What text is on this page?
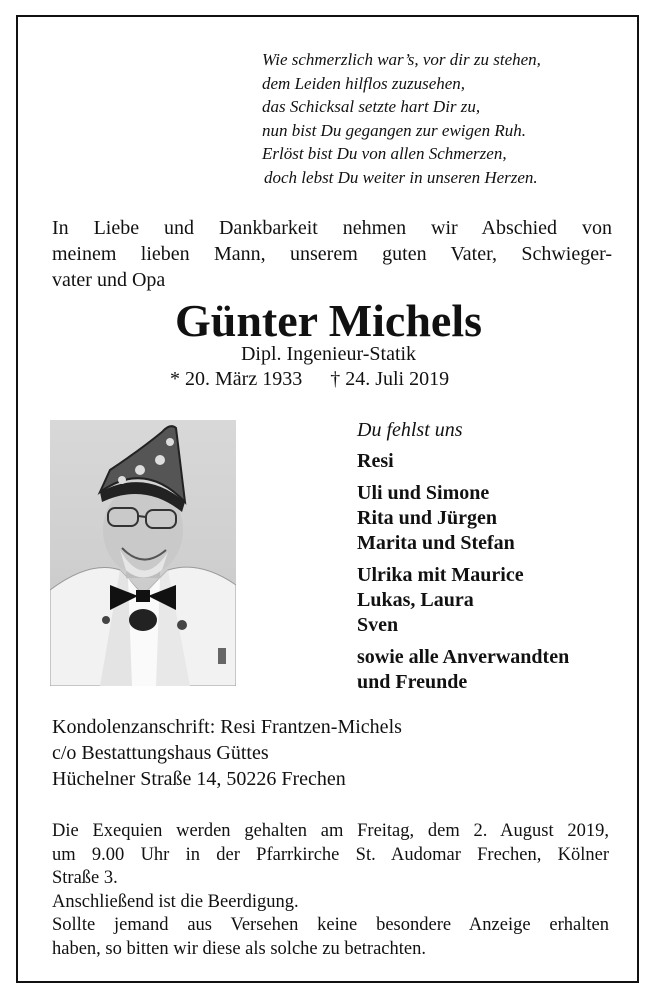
Wie schmerzlich war’s, vor dir zu stehen,
dem Leiden hilflos zuzusehen,
das Schicksal setzte hart Dir zu,
nun bist Du gegangen zur ewigen Ruh.
Erlöst bist Du von allen Schmerzen,
doch lebst Du weiter in unseren Herzen.
In Liebe und Dankbarkeit nehmen wir Abschied von
meinem lieben Mann, unserem guten Vater, Schwieger-
vater und Opa
Günter Michels
Dipl. Ingenieur-Statik
* 20. März 1933 † 24. Juli 2019
Du fehlst uns
Resi
Uli und Simone
Rita und Jürgen
Marita und Stefan
Ulrika mit Maurice
Lukas, Laura
Sven
sowie alle Anverwandten
und Freunde
Kondolenzanschrift: Resi Frantzen-Michels
c/o Bestattungshaus Güttes
Hüchelner Straße 14, 50226 Frechen
Die Exequien werden gehalten am Freitag, dem 2. August 2019,
um 9.00 Uhr in der Pfarrkirche St. Audomar Frechen, Kölner
Straße 3.
Anschließend ist die Beerdigung.
Sollte jemand aus Versehen keine besondere Anzeige erhalten
haben, so bitten wir diese als solche zu betrachten.
